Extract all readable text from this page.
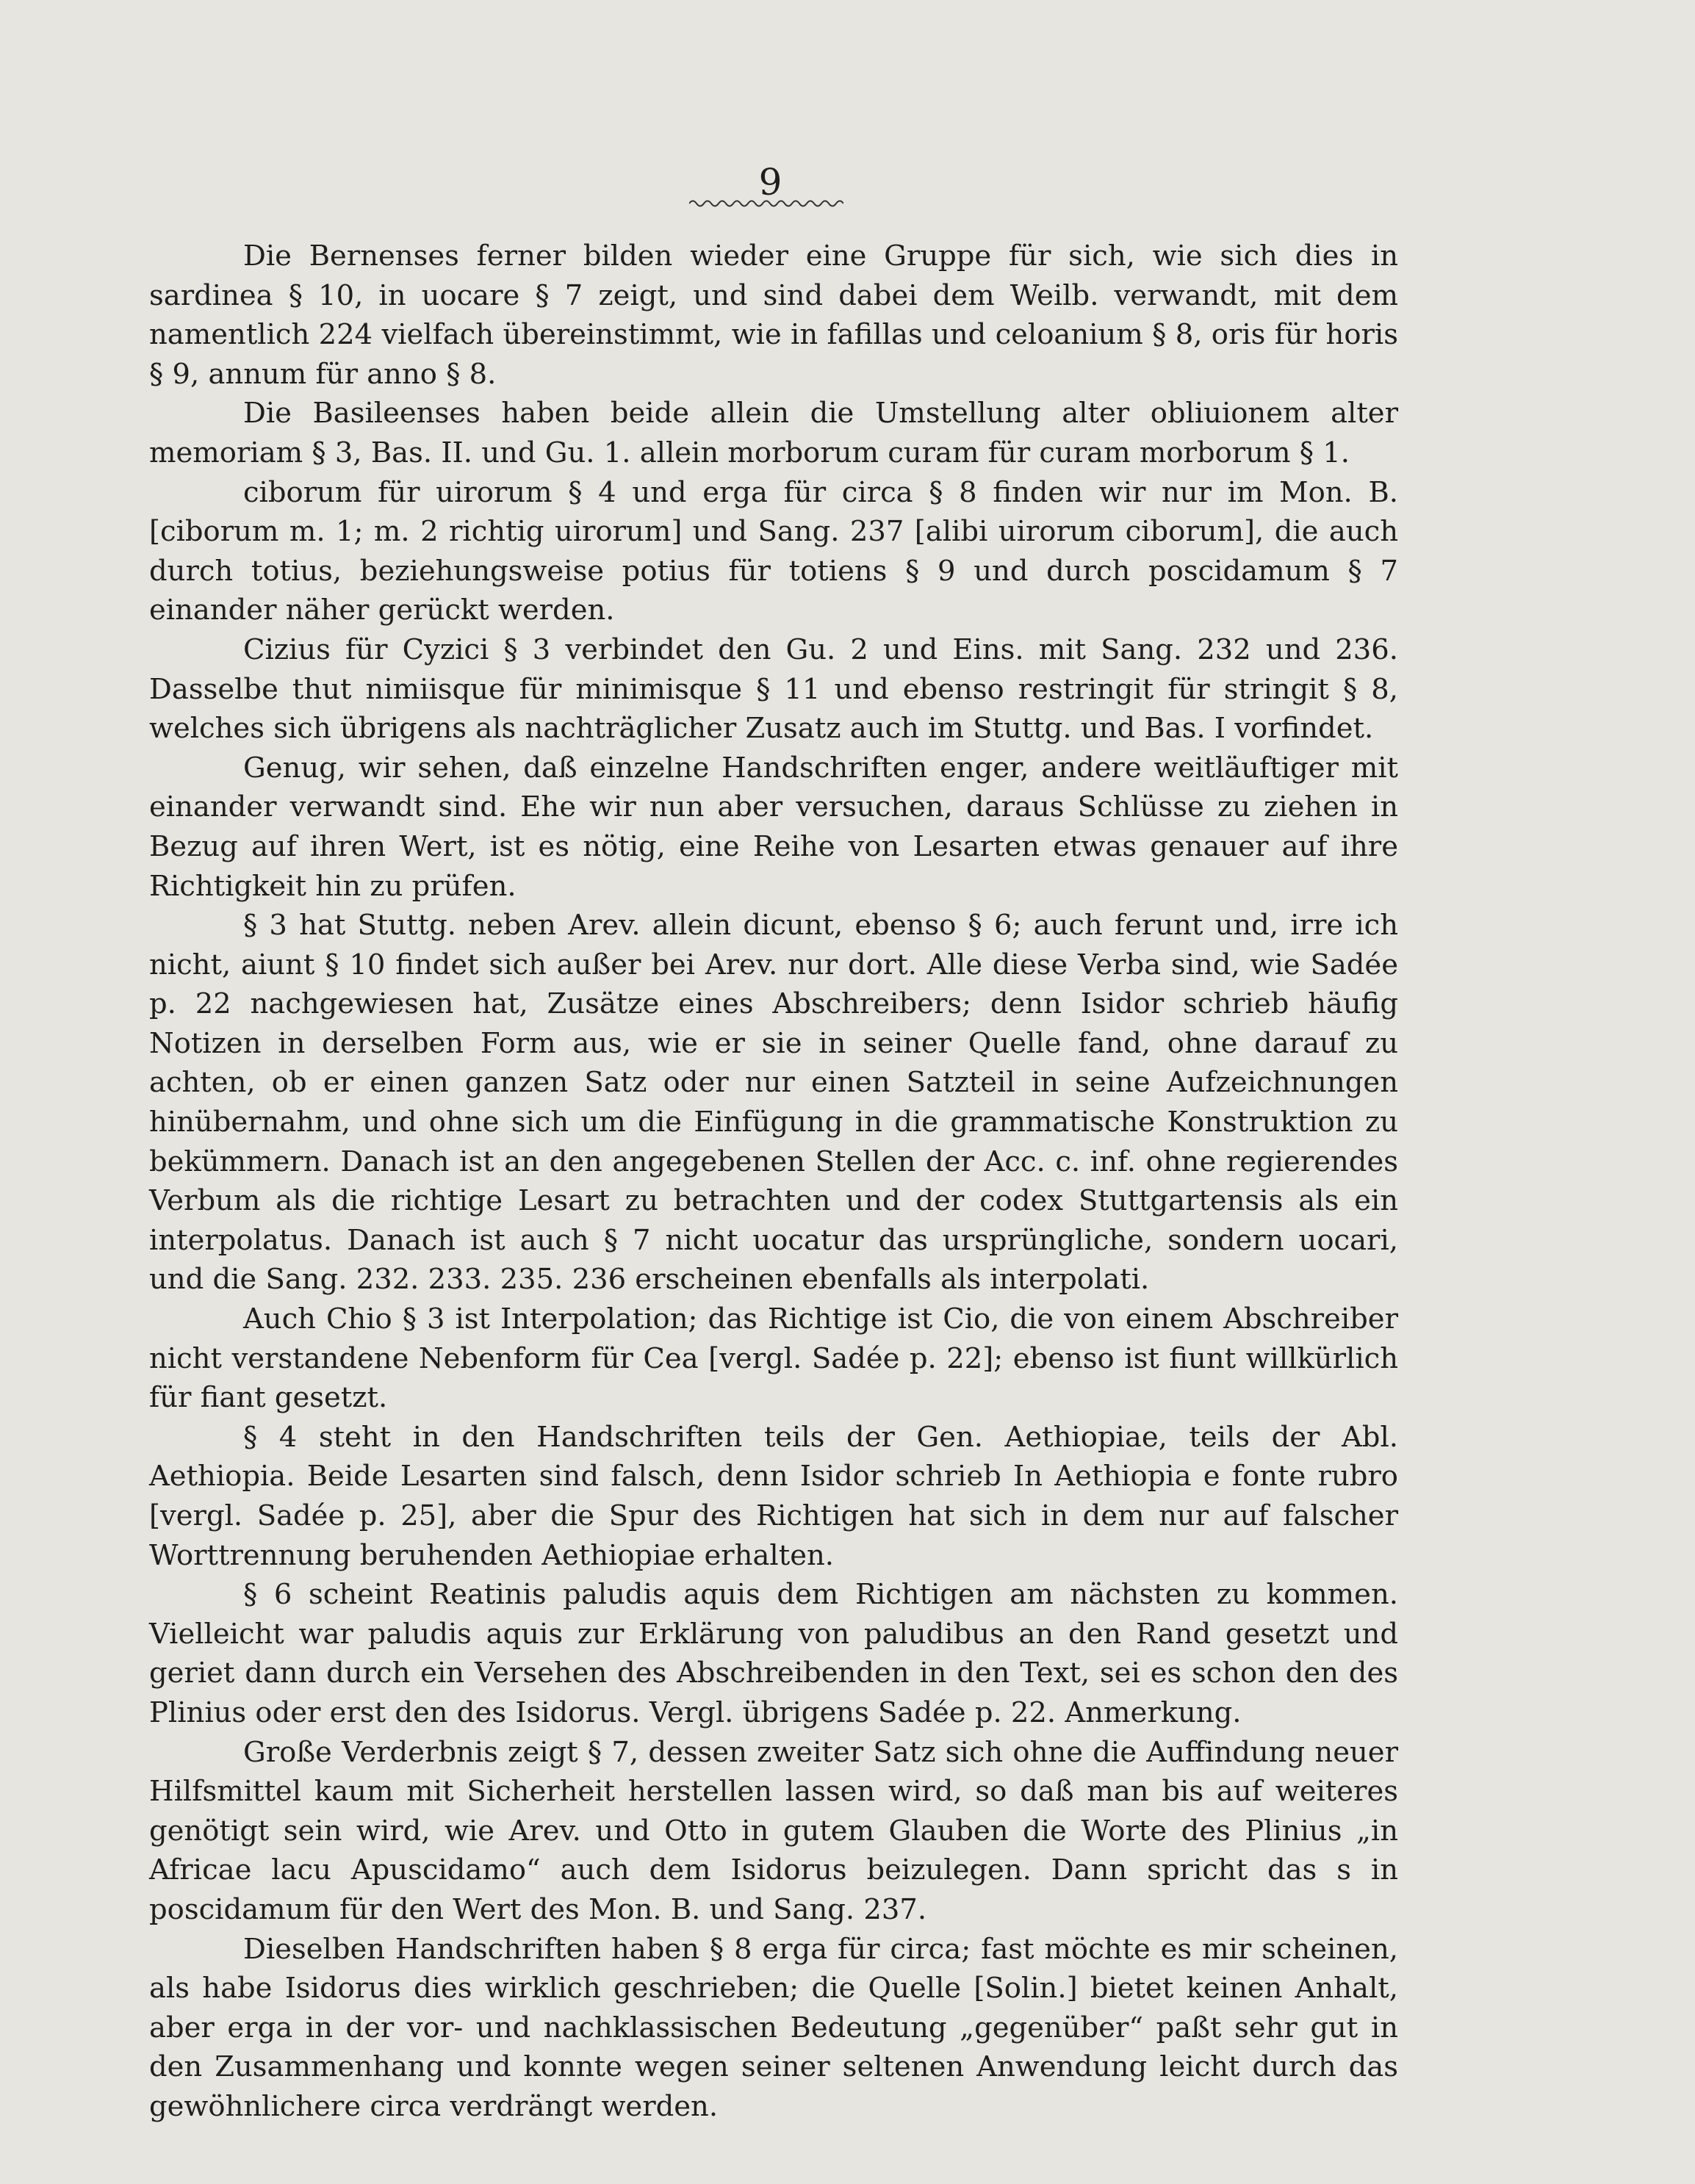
9

Die Bernenses ferner bilden wieder eine Gruppe für sich, wie sich dies in sardinea § 10, in uocare § 7 zeigt, und sind dabei dem Weilb. verwandt, mit dem namentlich 224 vielfach übereinstimmt, wie in fafillas und celoanium § 8, oris für horis § 9, annum für anno § 8.

Die Basileenses haben beide allein die Umstellung alter obliuionem alter memoriam § 3, Bas. II. und Gu. 1. allein morborum curam für curam morborum § 1.

ciborum für uirorum § 4 und erga für circa § 8 finden wir nur im Mon. B. [ciborum m. 1; m. 2 richtig uirorum] und Sang. 237 [alibi uirorum ciborum], die auch durch totius, beziehungsweise potius für totiens § 9 und durch poscidamum § 7 einander näher gerückt werden.

Cizius für Cyzici § 3 verbindet den Gu. 2 und Eins. mit Sang. 232 und 236. Dasselbe thut nimiisque für minimisque § 11 und ebenso restringit für stringit § 8, welches sich übrigens als nachträglicher Zusatz auch im Stuttg. und Bas. I vorfindet.

Genug, wir sehen, daß einzelne Handschriften enger, andere weitläuftiger mit einander verwandt sind. Ehe wir nun aber versuchen, daraus Schlüsse zu ziehen in Bezug auf ihren Wert, ist es nötig, eine Reihe von Lesarten etwas genauer auf ihre Richtigkeit hin zu prüfen.

§ 3 hat Stuttg. neben Arev. allein dicunt, ebenso § 6; auch ferunt und, irre ich nicht, aiunt § 10 findet sich außer bei Arev. nur dort. Alle diese Verba sind, wie Sadée p. 22 nachgewiesen hat, Zusätze eines Abschreibers; denn Isidor schrieb häufig Notizen in derselben Form aus, wie er sie in seiner Quelle fand, ohne darauf zu achten, ob er einen ganzen Satz oder nur einen Satzteil in seine Aufzeichnungen hinübernahm, und ohne sich um die Einfügung in die grammatische Konstruktion zu bekümmern. Danach ist an den angegebenen Stellen der Acc. c. inf. ohne regierendes Verbum als die richtige Lesart zu betrachten und der codex Stuttgartensis als ein interpolatus. Danach ist auch § 7 nicht uocatur das ursprüngliche, sondern uocari, und die Sang. 232. 233. 235. 236 erscheinen ebenfalls als interpolati.

Auch Chio § 3 ist Interpolation; das Richtige ist Cio, die von einem Abschreiber nicht verstandene Nebenform für Cea [vergl. Sadée p. 22]; ebenso ist fiunt willkürlich für fiant gesetzt.

§ 4 steht in den Handschriften teils der Gen. Aethiopiae, teils der Abl. Aethiopia. Beide Lesarten sind falsch, denn Isidor schrieb In Aethiopia e fonte rubro [vergl. Sadée p. 25], aber die Spur des Richtigen hat sich in dem nur auf falscher Worttrennung beruhenden Aethiopiae erhalten.

§ 6 scheint Reatinis paludis aquis dem Richtigen am nächsten zu kommen. Vielleicht war paludis aquis zur Erklärung von paludibus an den Rand gesetzt und geriet dann durch ein Versehen des Abschreibenden in den Text, sei es schon den des Plinius oder erst den des Isidorus. Vergl. übrigens Sadée p. 22. Anmerkung.

Große Verderbnis zeigt § 7, dessen zweiter Satz sich ohne die Auffindung neuer Hilfsmittel kaum mit Sicherheit herstellen lassen wird, so daß man bis auf weiteres genötigt sein wird, wie Arev. und Otto in gutem Glauben die Worte des Plinius „in Africae lacu Apuscidamo“ auch dem Isidorus beizulegen. Dann spricht das s in poscidamum für den Wert des Mon. B. und Sang. 237.

Dieselben Handschriften haben § 8 erga für circa; fast möchte es mir scheinen, als habe Isidorus dies wirklich geschrieben; die Quelle [Solin.] bietet keinen Anhalt, aber erga in der vor- und nachklassischen Bedeutung „gegenüber“ paßt sehr gut in den Zusammenhang und konnte wegen seiner seltenen Anwendung leicht durch das gewöhnlichere circa verdrängt werden.
